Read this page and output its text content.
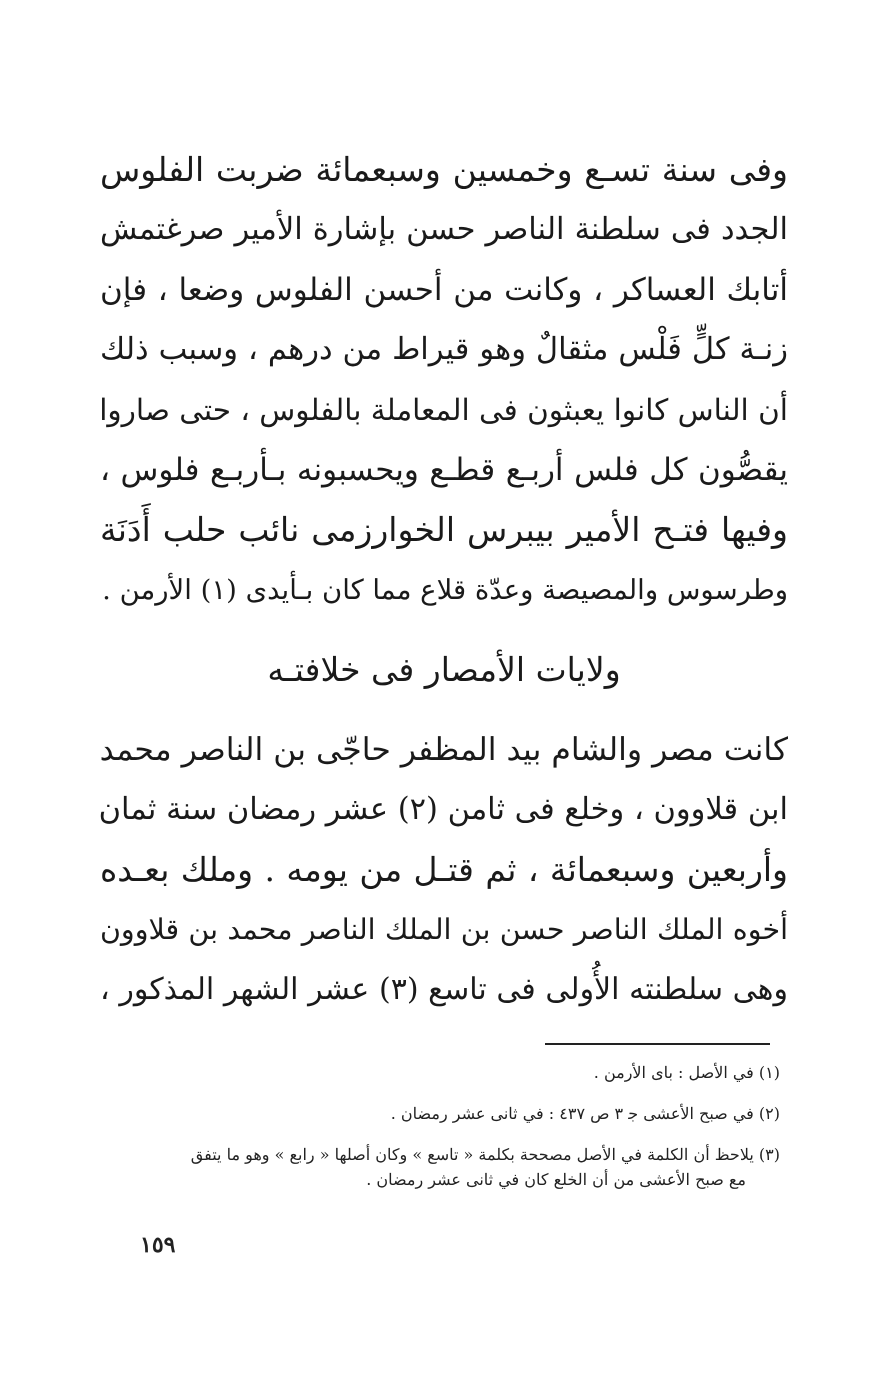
وفى سنة تسـع وخمسين وسبعمائة ضربت الفلوس
الجدد فى سلطنة الناصر حسن بإشارة الأمير صرغتمش
أتابك العساكر ، وكانت من أحسن الفلوس وضعا ، فإن
زنـة كلٍّ فَلْس مثقالٌ وهو قيراط من درهم ، وسبب ذلك
أن الناس كانوا يعبثون فى المعاملة بالفلوس ، حتى صاروا
يقصُّون كل فلس أربـع قطـع ويحسبونه بـأربـع فلوس ،
وفيها فتـح الأمير بيبرس الخوارزمى نائب حلب أَدَنَة
وطرسوس والمصيصة وعدّة قلاع مما كان بـأيدى (١) الأرمن .
ولايات الأمصار فى خلافتـه
كانت مصر والشام بيد المظفر حاجّى بن الناصر محمد
ابن قلاوون ، وخلع فى ثامن (٢) عشر رمضان سنة ثمان
وأربعين وسبعمائة ، ثم قتـل من يومه . وملك بعـده
أخوه الملك الناصر حسن بن الملك الناصر محمد بن قلاوون
وهى سلطنته الأُولى فى تاسع (٣) عشر الشهر المذكور ،
(١) في الأصل : باى الأرمن .
(٢) في صبح الأعشى ﺟ ٣ ص ٤٣٧ : في ثانى عشر رمضان .
(٣) يلاحظ أن الكلمة في الأصل مصححة بكلمة « تاسع » وكان أصلها « رابع » وهو ما يتفق
مع صبح الأعشى من أن الخلع كان في ثانى عشر رمضان .
١٥٩
